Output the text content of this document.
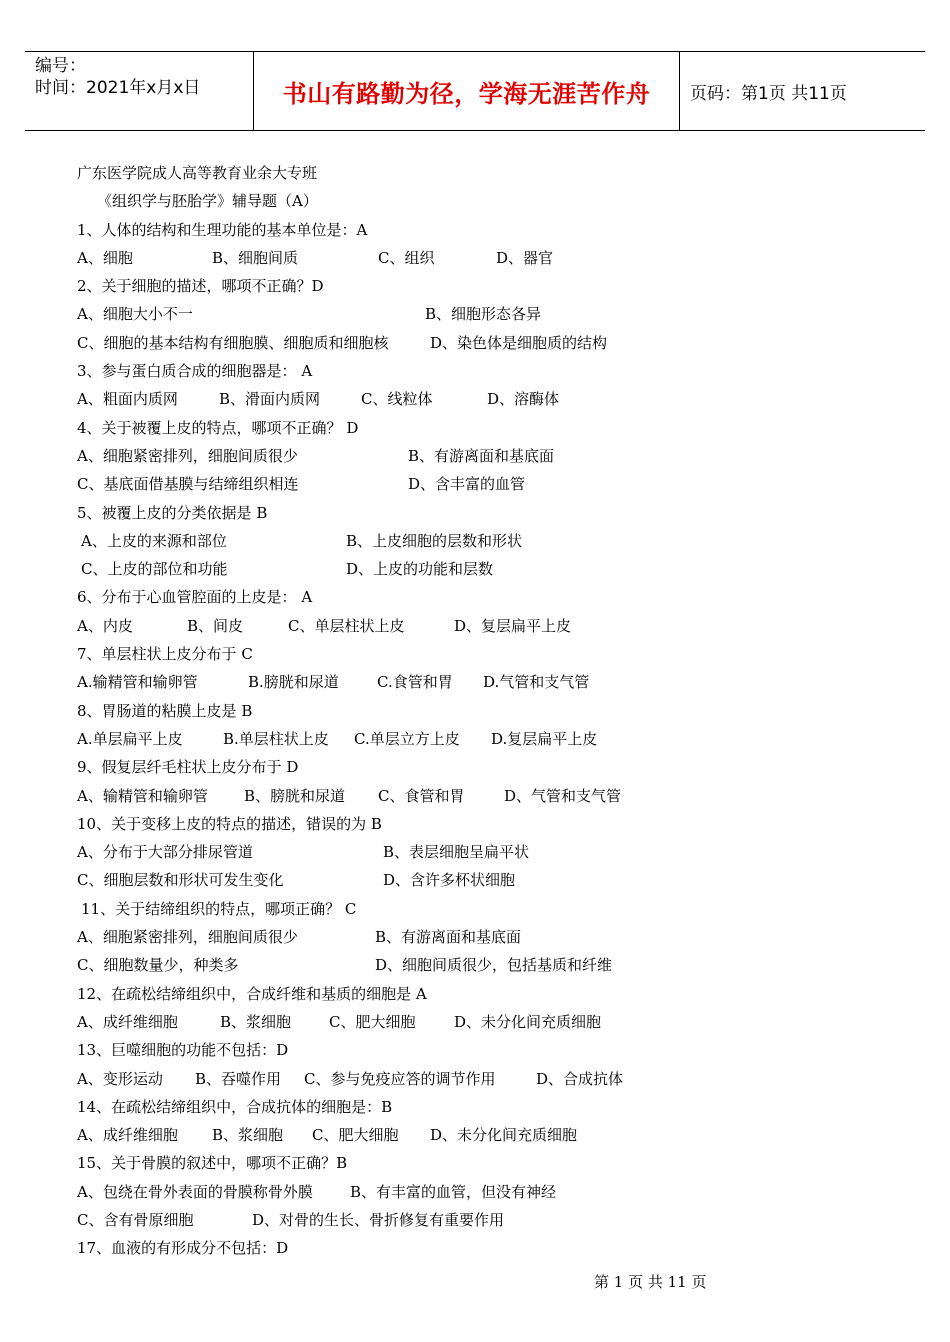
编号：
时间：2021年x月x日	书山有路勤为径，学海无涯苦作舟	页码：第1页 共11页
广东医学院成人高等教育业余大专班
《组织学与胚胎学》辅导题（A）
1、人体的结构和生理功能的基本单位是：A
A、细胞	B、细胞间质	C、组织	D、器官
2、关于细胞的描述，哪项不正确？D
A、细胞大小不一	B、细胞形态各异
C、细胞的基本结构有细胞膜、细胞质和细胞核	D、染色体是细胞质的结构
3、参与蛋白质合成的细胞器是： A
A、粗面内质网	B、滑面内质网	C、线粒体	D、溶酶体
4、关于被覆上皮的特点，哪项不正确？ D
A、细胞紧密排列，细胞间质很少	B、有游离面和基底面
C、基底面借基膜与结缔组织相连	D、含丰富的血管
5、被覆上皮的分类依据是 B
A、上皮的来源和部位	B、上皮细胞的层数和形状
C、上皮的部位和功能	D、上皮的功能和层数
6、分布于心血管腔面的上皮是： A
A、内皮	B、间皮	C、单层柱状上皮	D、复层扁平上皮
7、单层柱状上皮分布于 C
A.输精管和输卵管	B.膀胱和尿道	C.食管和胃 D.气管和支气管
8、胃肠道的粘膜上皮是 B
A.单层扁平上皮	B.单层柱状上皮 C.单层立方上皮 D.复层扁平上皮
9、假复层纤毛柱状上皮分布于 D
A、输精管和输卵管 B、膀胱和尿道 C、食管和胃	D、气管和支气管
10、关于变移上皮的特点的描述，错误的为 B
A、分布于大部分排尿管道	B、表层细胞呈扁平状
C、细胞层数和形状可发生变化	D、含许多杯状细胞
11、关于结缔组织的特点，哪项正确？ C
A、细胞紧密排列，细胞间质很少	B、有游离面和基底面
C、细胞数量少，种类多	D、细胞间质很少，包括基质和纤维
12、在疏松结缔组织中，合成纤维和基质的细胞是 A
A、成纤维细胞	B、浆细胞	C、肥大细胞	D、未分化间充质细胞
13、巨噬细胞的功能不包括：D
A、变形运动 B、吞噬作用 C、参与免疫应答的调节作用	D、合成抗体
14、在疏松结缔组织中，合成抗体的细胞是：B
A、成纤维细胞 B、浆细胞 C、肥大细胞 D、未分化间充质细胞
15、关于骨膜的叙述中，哪项不正确？B
A、包绕在骨外表面的骨膜称骨外膜 B、有丰富的血管，但没有神经
C、含有骨原细胞	D、对骨的生长、骨折修复有重要作用
17、血液的有形成分不包括：D
第 1 页 共 11 页
